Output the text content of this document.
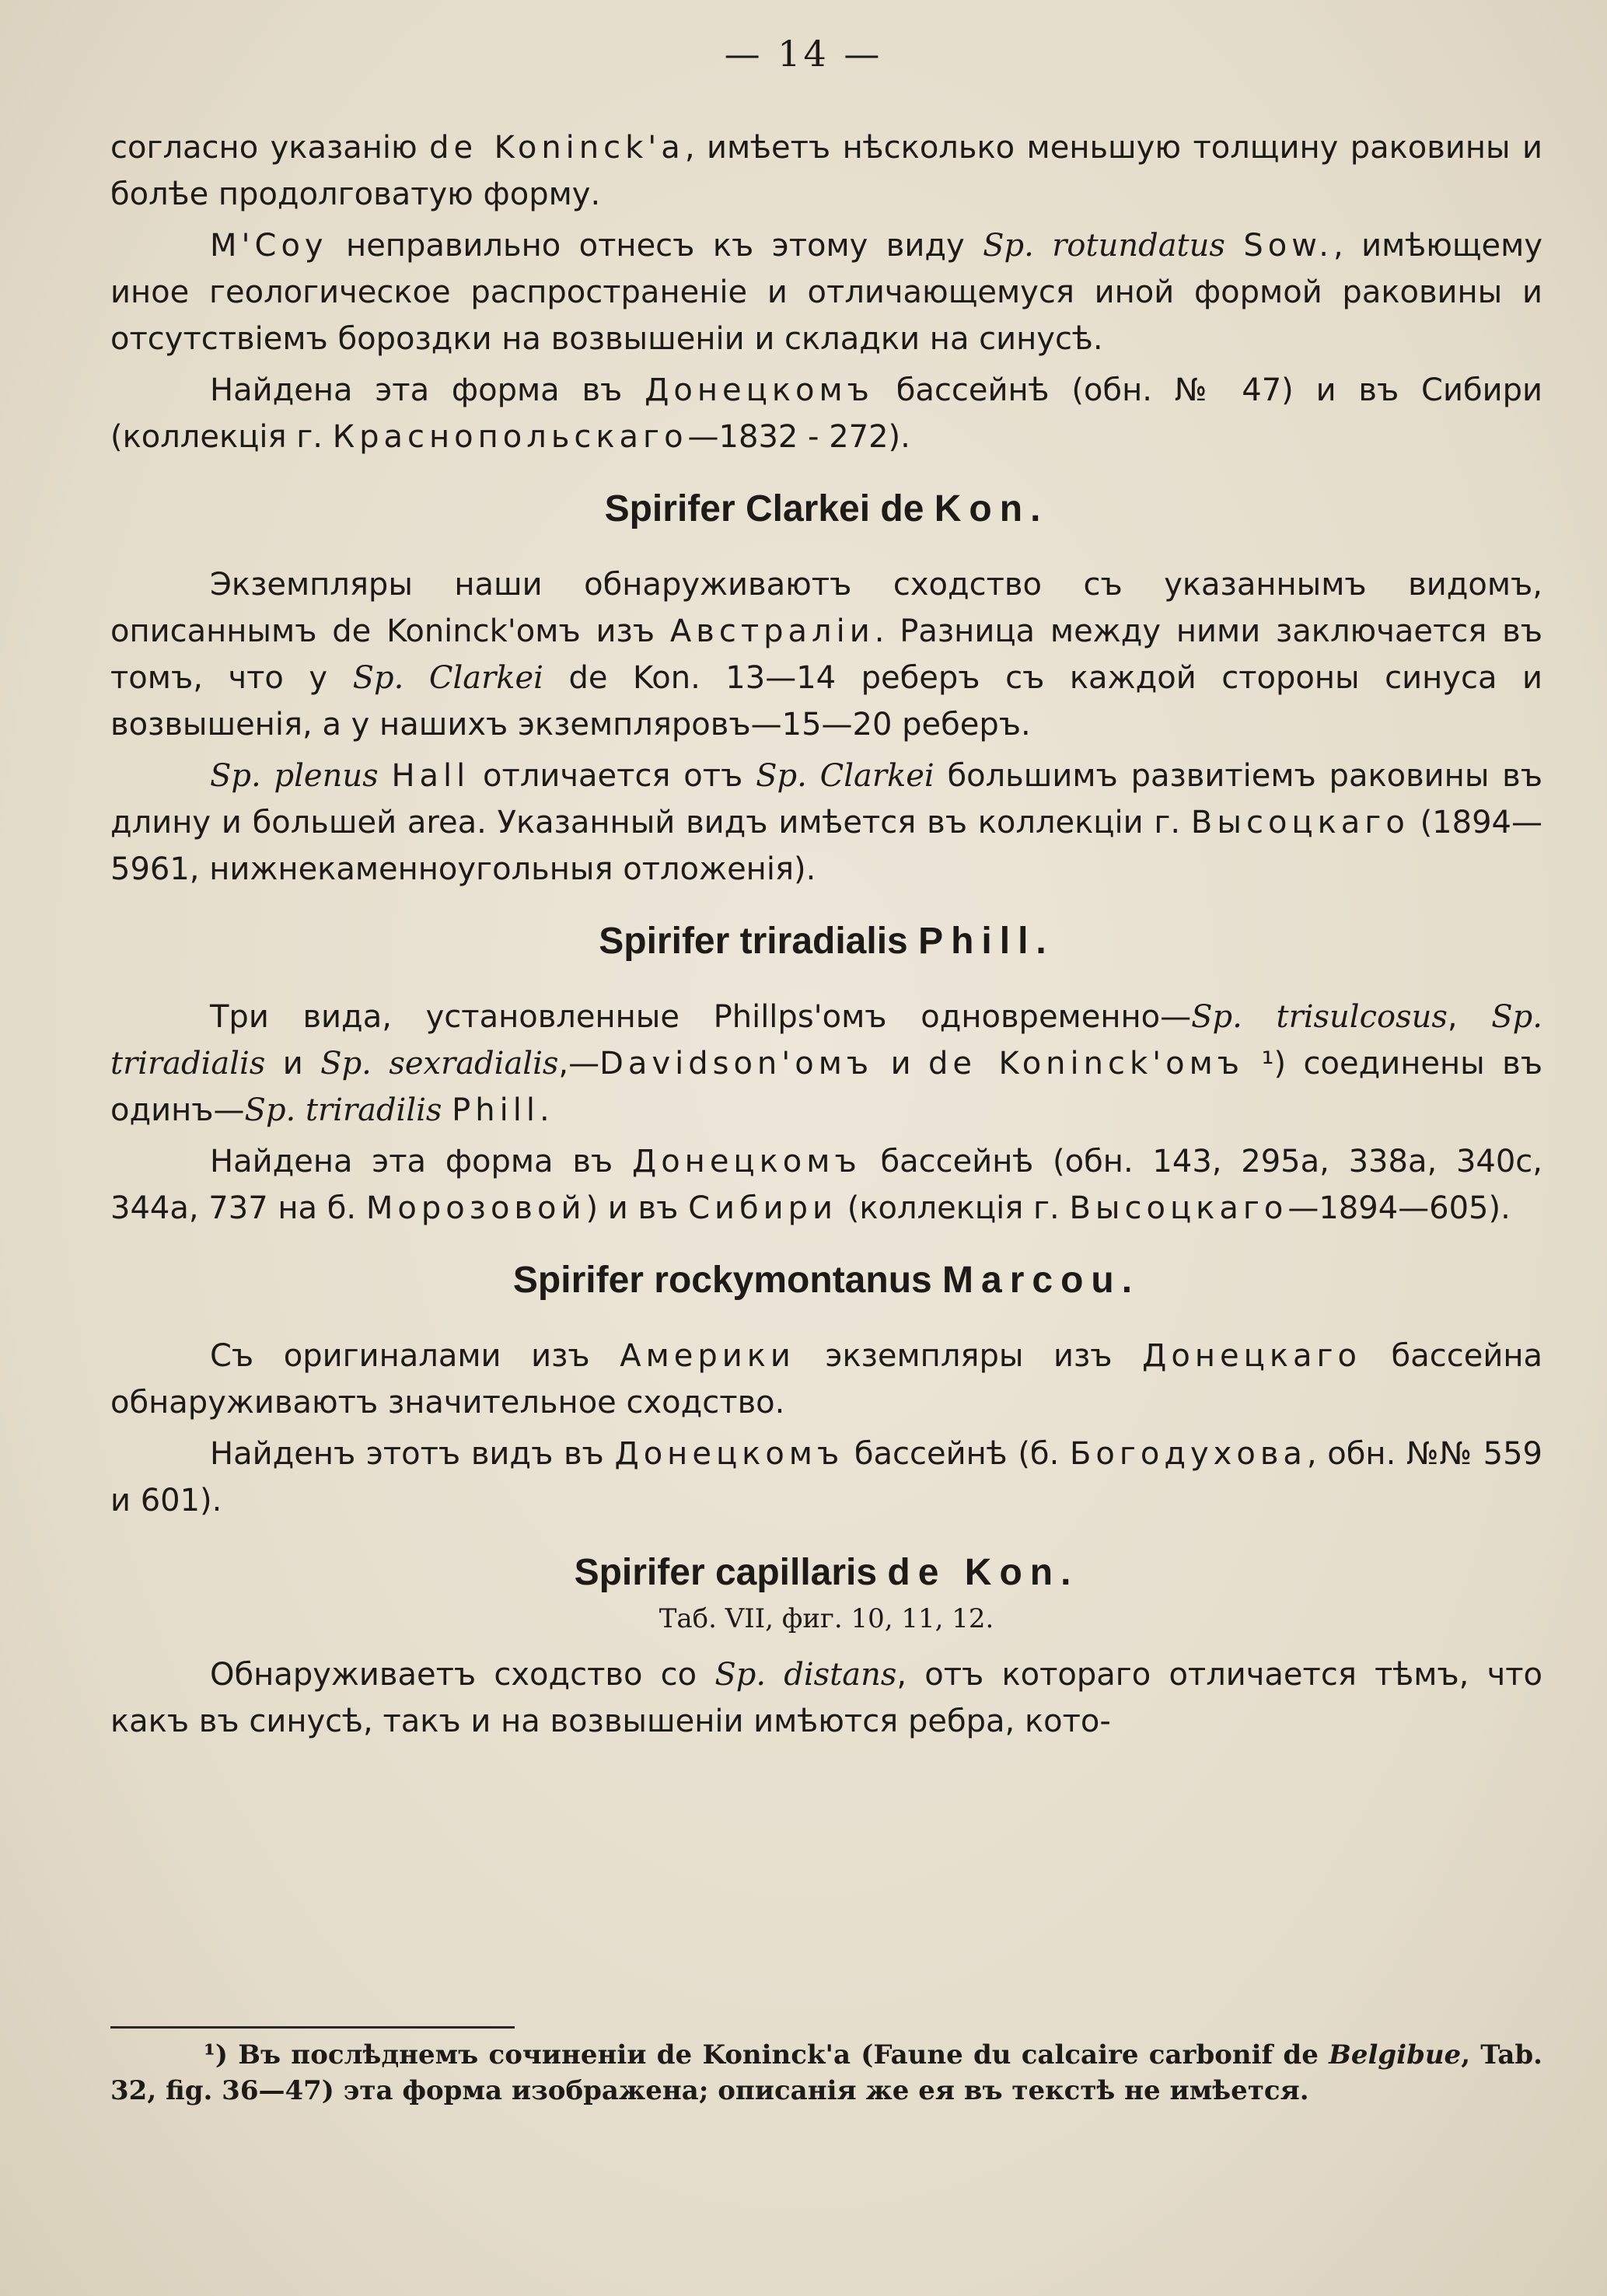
— 14 —

согласно указанію de Koninck'a, имѣетъ нѣсколько меньшую толщину раковины и болѣе продолговатую форму.

M'Coy неправильно отнесъ къ этому виду Sp. rotundatus Sow., имѣющему иное геологическое распространеніе и отличающемуся иной формой раковины и отсутствіемъ бороздки на возвышеніи и складки на синусѣ.

Найдена эта форма въ Донецкомъ бассейнѣ (обн. № 47) и въ Сибири (коллекція г. Краснопольскаго—1832 - 272).

Spirifer Clarkei de Kon.

Экземпляры наши обнаруживаютъ сходство съ указаннымъ видомъ, описаннымъ de Koninck'омъ изъ Австраліи. Разница между ними заключается въ томъ, что у Sp. Clarkei de Kon. 13—14 реберъ съ каждой стороны синуса и возвышенія, а у нашихъ экземпляровъ—15—20 реберъ.

Sp. plenus Hall отличается отъ Sp. Clarkei большимъ развитіемъ раковины въ длину и большей area. Указанный видъ имѣется въ коллекціи г. Высоцкаго (1894—5961, нижнекаменноугольныя отложенія).

Spirifer triradialis Phill.

Три вида, установленные Phillps'омъ одновременно—Sp. trisulcosus, Sp. triradialis и Sp. sexradialis,—Davidson'омъ и de Koninck'омъ ¹) соединены въ одинъ—Sp. triradilis Phill.

Найдена эта форма въ Донецкомъ бассейнѣ (обн. 143, 295a, 338a, 340c, 344a, 737 на б. Морозовой) и въ Сибири (коллекція г. Высоцкаго—1894—605).

Spirifer rockymontanus Marcou.

Съ оригиналами изъ Америки экземпляры изъ Донецкаго бассейна обнаруживаютъ значительное сходство.

Найденъ этотъ видъ въ Донецкомъ бассейнѣ (б. Богодухова, обн. №№ 559 и 601).

Spirifer capillaris de Kon.
Таб. VII, фиг. 10, 11, 12.

Обнаруживаетъ сходство со Sp. distans, отъ котораго отличается тѣмъ, что какъ въ синусѣ, такъ и на возвышеніи имѣются ребра, кото-

¹) Въ послѣднемъ сочиненіи de Koninck'a (Faune du calcaire carbonif de Belgibue, Tab. 32, fig. 36—47) эта форма изображена; описанія же ея въ текстѣ не имѣется.
